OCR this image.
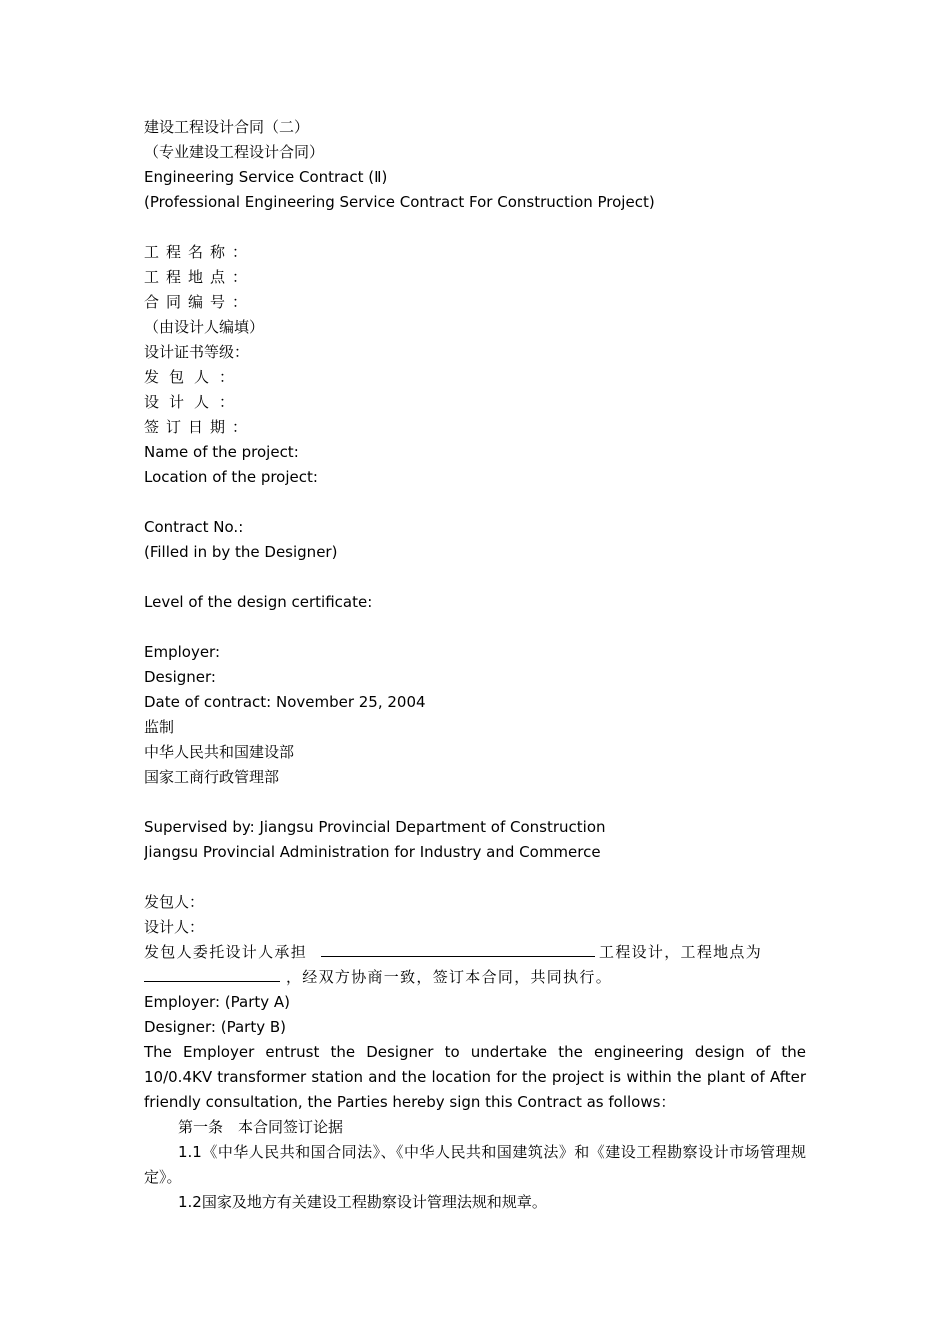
建设工程设计合同（二）
（专业建设工程设计合同）
Engineering Service Contract (Ⅱ)
(Professional Engineering Service Contract For Construction Project)
工程名称：
工程地点：
合同编号：
（由设计人编填）
设计证书等级：
发包人：
设计人：
签订日期：
Name of the project:
Location of the project:
Contract No.:
(Filled in by the Designer)
Level of the design certificate:
Employer:
Designer:
Date of contract: November 25, 2004
监制
中华人民共和国建设部
国家工商行政管理部
Supervised by: Jiangsu Provincial Department of Construction
Jiangsu Provincial Administration for Industry and Commerce
发包人：
设计人：
发包人委托设计人承担	工程设计，工程地点为
，经双方协商一致，签订本合同，共同执行。
Employer: (Party A)
Designer: (Party B)
The Employer entrust the Designer to undertake the engineering design of the 10/0.4KV transformer station and the location for the project is within the plant of After friendly consultation, the Parties hereby sign this Contract as follows：
第一条　本合同签订论据
1.1《中华人民共和国合同法》、《中华人民共和国建筑法》和《建设工程勘察设计市场管理规定》。
1.2国家及地方有关建设工程勘察设计管理法规和规章。
